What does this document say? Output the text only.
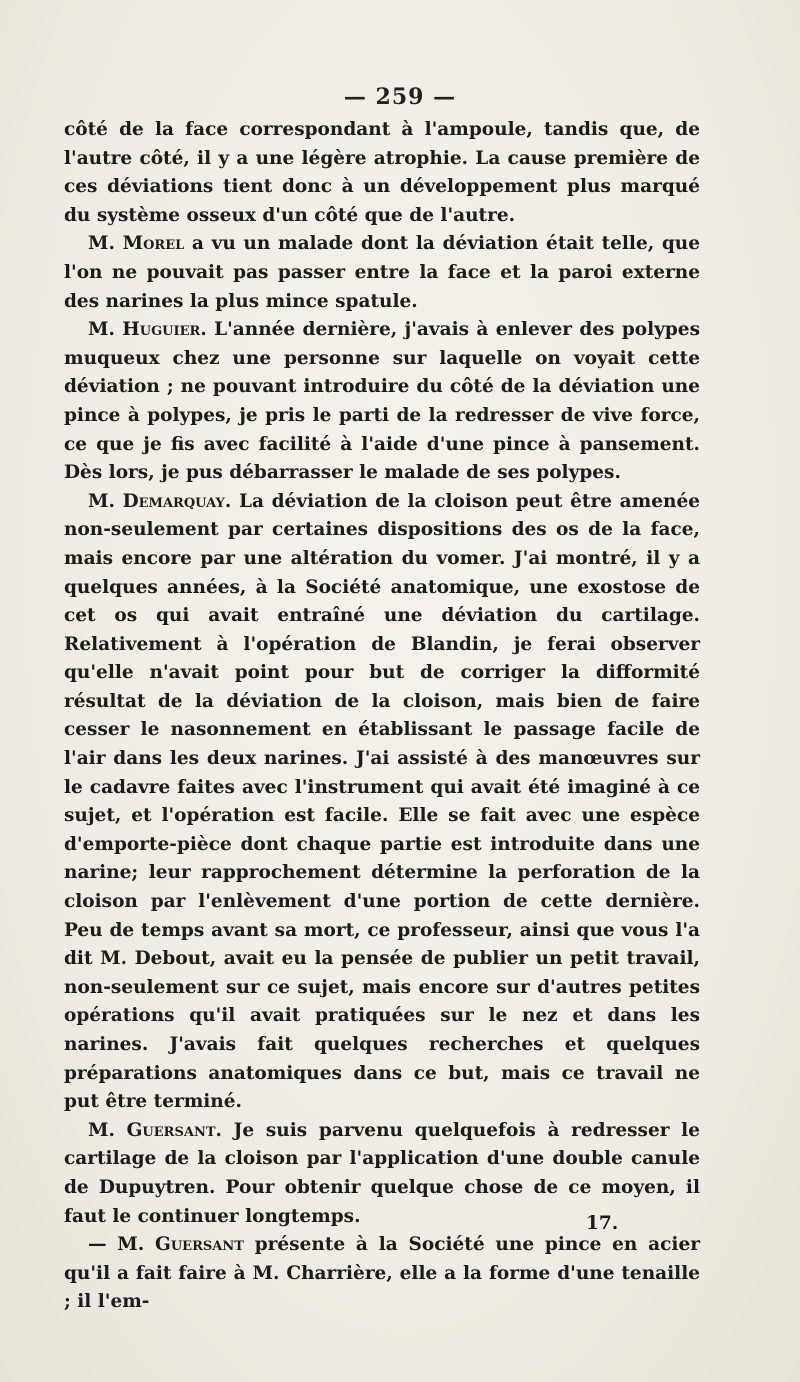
— 259 —

côté de la face correspondant à l'ampoule, tandis que, de l'autre côté, il y a une légère atrophie. La cause première de ces déviations tient donc à un développement plus marqué du système osseux d'un côté que de l'autre.

M. Morel a vu un malade dont la déviation était telle, que l'on ne pouvait pas passer entre la face et la paroi externe des narines la plus mince spatule.

M. Huguier. L'année dernière, j'avais à enlever des polypes muqueux chez une personne sur laquelle on voyait cette déviation ; ne pouvant introduire du côté de la déviation une pince à polypes, je pris le parti de la redresser de vive force, ce que je fis avec facilité à l'aide d'une pince à pansement. Dès lors, je pus débarrasser le malade de ses polypes.

M. Demarquay. La déviation de la cloison peut être amenée non-seulement par certaines dispositions des os de la face, mais encore par une altération du vomer. J'ai montré, il y a quelques années, à la Société anatomique, une exostose de cet os qui avait entraîné une déviation du cartilage. Relativement à l'opération de Blandin, je ferai observer qu'elle n'avait point pour but de corriger la difformité résultat de la déviation de la cloison, mais bien de faire cesser le nasonnement en établissant le passage facile de l'air dans les deux narines. J'ai assisté à des manœuvres sur le cadavre faites avec l'instrument qui avait été imaginé à ce sujet, et l'opération est facile. Elle se fait avec une espèce d'emporte-pièce dont chaque partie est introduite dans une narine; leur rapprochement détermine la perforation de la cloison par l'enlèvement d'une portion de cette dernière. Peu de temps avant sa mort, ce professeur, ainsi que vous l'a dit M. Debout, avait eu la pensée de publier un petit travail, non-seulement sur ce sujet, mais encore sur d'autres petites opérations qu'il avait pratiquées sur le nez et dans les narines. J'avais fait quelques recherches et quelques préparations anatomiques dans ce but, mais ce travail ne put être terminé.

M. Guersant. Je suis parvenu quelquefois à redresser le cartilage de la cloison par l'application d'une double canule de Dupuytren. Pour obtenir quelque chose de ce moyen, il faut le continuer longtemps.

— M. Guersant présente à la Société une pince en acier qu'il a fait faire à M. Charrière, elle a la forme d'une tenaille ; il l'em-

17.
